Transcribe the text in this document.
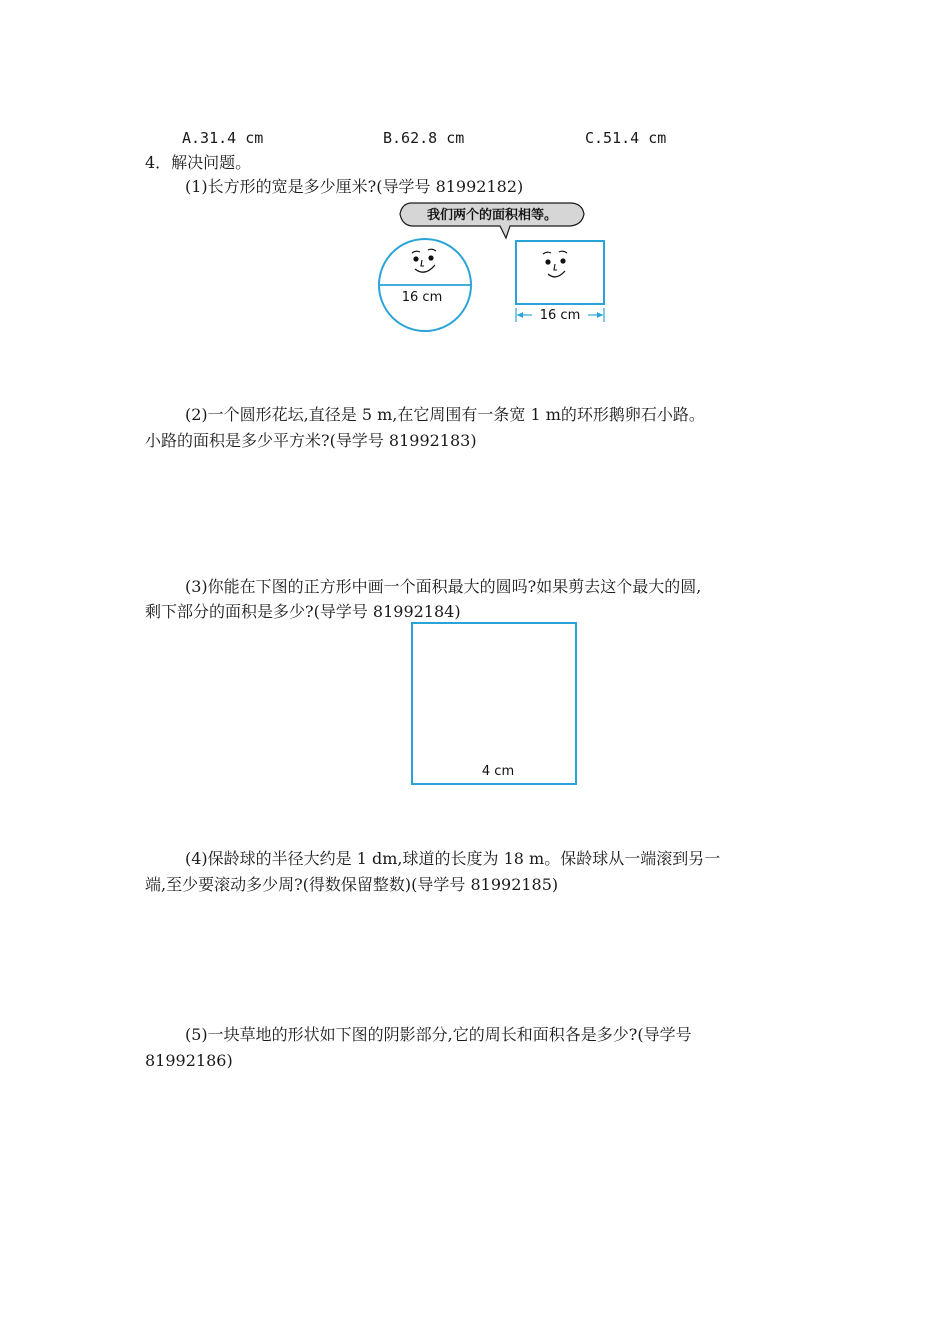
A.31.4 cm	B.62.8 cm	C.51.4 cm
4．解决问题。
(1)长方形的宽是多少厘米?(导学号 81992182)
我们两个的面积相等。
16 cm
16 cm
(2)一个圆形花坛,直径是 5 m,在它周围有一条宽 1 m的环形鹅卵石小路。
小路的面积是多少平方米?(导学号 81992183)
(3)你能在下图的正方形中画一个面积最大的圆吗?如果剪去这个最大的圆,
剩下部分的面积是多少?(导学号 81992184)
4 cm
(4)保龄球的半径大约是 1 dm,球道的长度为 18 m。保龄球从一端滚到另一
端,至少要滚动多少周?(得数保留整数)(导学号 81992185)
(5)一块草地的形状如下图的阴影部分,它的周长和面积各是多少?(导学号
81992186)
